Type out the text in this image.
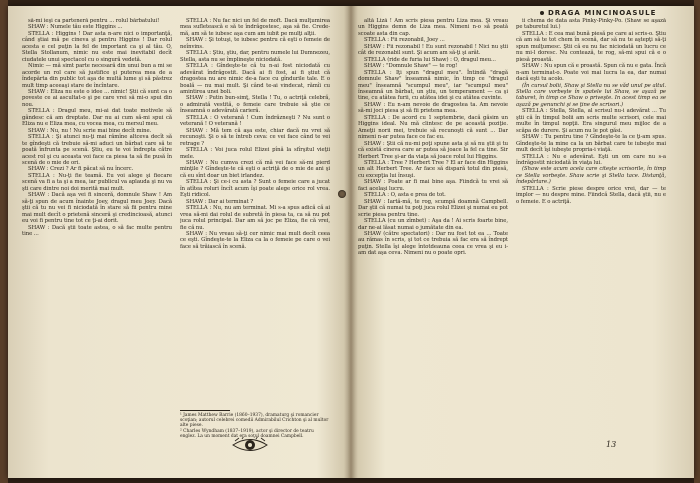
DRAGA MINCINOASULE

să-mi ieşi ca parteneră pentru ... rolul bărbatului!

SHAW : Numele tău este Higgins ...

STELLA : Higgins ! Dar asta n-are nici o importanţă, când ştiai mă pe cineva şi pentru Higgins ! Dar rolul acesta e cel puţin la fel de important ca şi al tău. O, Stella Stollanum, nimic nu este mai inevitabil decît ciudatele unui spectacol cu o singură vedetă.

Nimic — mă simt parte necesară din unui bun a mi se acorde un rol care să justifice şi puterea mea de a îndepărta din public tot aşa de multă lume şi să păstrez mult timp aceeaşi stare de încîntare.

SHAW : Eliza nu este o idee ... nimic! Ştii că sunt ca o poveste ce ai ascultat-o şi pe care vrei să mi-o spui din nou.

STELLA : Dragul meu, mi-ai dat toate motivele să gândesc că am dreptate. Dar nu ai cum să-mi spui că Eliza nu e Eliza mea, cu vocea mea, cu mersul meu.

SHAW : Nu, nu ! Nu scrie mai bine decît mine.

STELLA : Şi atunci nu-ţi mai rămîne altceva decît să te gîndeşti că trebuie să-mi aduci un bărbat care să te poată înfrunta pe scenă. Ştiu, eu te voi îndrepta către acest rol şi cu aceasta voi face ca piesa ta să fie pusă în scenă de o mie de ori.

SHAW : Crezi ? Ar fi păcat să nu încerc.

STELLA : Nu-ţi fie teamă. Eu voi alege şi fiecare scenă va fi a ta şi a mea, iar publicul va aplauda şi nu va şti care dintre noi doi merită mai mult.

SHAW : Dacă aşa vei fi sinceră, domnule Shaw ! Am să-ţi spun de acum înainte Joey, dragul meu Joey. Dacă ştii că tu nu vei fi niciodată în stare să fii pentru mine mai mult decît o prietenă sinceră şi credincioasă, atunci eu voi fi pentru tine tot ce ţi-ai dorit.

SHAW : Dacă ştii toate astea, o să fac multe pentru tine ...

STELLA : Nu fac nici un fel de moft. Dacă mulţumirea mea sufletească e să te îndrăgostesc, aşa să fie. Crede-mă, am să te iubesc aşa cum am iubit pe mulţi alţii.

SHAW : Şi totuşi, te iubesc pentru că eşti o femeie de neînvins.

STELLA : Ştiu, ştiu, dar, pentru numele lui Dumnezeu, Stella, asta nu se împlineşte niciodată.

STELLA : Gîndeşte-te că tu n-ai fost niciodată cu adevărat îndrăgostit. Dacă ai fi fost, ai fi ştiut că dragostea nu are nimic de-a face cu gîndurile tale. E o boală — nu mai mult. Şi când te-ai vindecat, rămîi cu amintirea unei boli.

SHAW : Putin bun-simţ, Stella ! Tu, o actriţă celebră, o admirată vestită, o femeie care trebuie să ştie ce înseamnă o adevărată carieră.

STELLA : O veteranǎ ! Cum îndrăzneşti ? Nu sunt o veterană ! O veterană !

SHAW : Mă tem că aşa este, chiar dacă nu vrei să recunoşti. Şi o să te întreb ceva: ce vei face când te vei retrage ?

STELLA : Voi juca rolul Elizei pînă la sfîrşitul vieţii mele.

SHAW : Nu cumva crezi că mă vei face să-mi pierd minţile ? Gîndeşte-te că eşti o actriţă de o mie de ani şi că eu sînt doar un biet irlandez.

STELLA : Şi ce-i cu asta ? Sunt o femeie care a jucat în atîtea roluri încît acum îşi poate alege orice rol vrea. Eşti ridicol.

SHAW : Dar ai terminat ?

STELLA : Nu, nu am terminat. Mi s-a spus adică că ai vrea să-mi dai rolul de subretă în piesa ta, ca să nu pot juca rolul principal. Dar am să joc pe Eliza, fie că vrei, fie că nu.

SHAW : Nu vreau să-ţi cer nimic mai mult decît ceea ce eşti. Gîndeşte-te la Eliza ca la o femeie pe care o vei face să trăiască în scenă.

altă Liză ! Am scris piesa pentru Liza mea. Şi vreau un Higgins demn de Liza mea. Nimeni n-o să poată scoate asta din cap.

STELLA : Fii rezonabil, Joey ...

SHAW : Fii rezonabil ! Eu sunt rezonabil ! Nici nu ştii cât de rezonabil sunt. Şi acum am să-ţi şi arăt.

STELLA (ride de furia lui Shaw) : O, dragul meu...

SHAW : "Domnule Shaw" — te rog!

STELLA : Iţi spun "dragul meu". Întindă "dragă domnule Shaw" înseamnă nimic, în timp ce "dragul meu" înseamnă "scumpul meu", iar "scumpul meu" înseamnă un bărbat, un ştiu, un temperament — ca şi tine, cu atâtea furii, cu atâtea idei şi cu atâtea cuvinte.

SHAW : Eu n-am nevoie de dragostea ta. Am nevoie să-mi joci piesa şi să fii prietena mea.

STELLA : De acord cu 1 septembrie, dacă găsim un Higgins ideal. Nu mă clintesc de pe această poziţie. Ameţii norii mei, trebuie să recunoşti că sunt ... Dar nimeni n-ar putea face ce fac eu.

SHAW : Ştii că nu-mi poţi spune asta şi să nu ştii şi tu că există cineva care ar putea să joace la fel ca tine. Sir Herbert Tree şi-ar da viaţa să joace rolul lui Higgins.

STELLA : Tree ? Herbert Tree ? El ar face din Higgins un alt Herbert Tree. Ar face să dispară totul din piesă, cu excepţia lui însuşi.

SHAW : Poate ar fi mai bine aşa. Fiindcă tu vrei să faci acelaşi lucru.

STELLA : O, asta e prea de tot.

SHAW : Iartă-mă, te rog, scumpă doamnă Campbell. Dar ştii că numai tu poţi juca rolul Elizei şi numai eu pot scrie piesa pentru tine.

STELLA (cu un zîmbet) : Aşa da ! Ai scris foarte bine, dar ne-ai lăsat numai o jumătate din ea.

SHAW (către spectatori) : Dar nu fost tot ea ... Toate au rămas în scris, şi tot ce trebuia să fac era să îndrept puţin. Stella îşi alege întotdeauna ceea ce vrea şi eu i-am dat aşa ceva. Nimeni nu o poate opri.

ii chema de data asta Pinky-Pinky-Po. (Shaw se aşază pe taburetul lui.)

STELLA : E cea mai bună piesă pe care ai scris-o. Ştiu că am să te tot chem în scenă, dar să nu te aştepţi să-ţi spun mulţumesc. Ştii că eu nu fac niciodată un lucru ce nu mi-l doresc. Nu contează, te rog, să-mi spui că e o piesă proastă.

SHAW : Nu spun că e proastă. Spun că nu e gata. Încă n-am terminat-o. Poate voi mai lucra la ea, dar numai dacă eşti tu acolo.

(În cursul bolii, Shaw şi Stella nu se văd unul pe altul. Stella care vorbeşte în spatele lui Shaw, se aşază pe taburet, în timp ce Shaw o priveşte. In acest timp ea se aşază pe genunchi şi se ţine de scrisori.)

STELLA : Stella, Stella, al scrisul nu-i adevărat ... Tu ştii că în timpul bolii am scris multe scrisori, cele mai multe în timpul nopţii. Era singurul meu mijloc de a scăpa de durere. Şi acum nu le pot găsi.

SHAW : Tu pentru tine ? Gîndeşte-te la ce ţi-am spus. Gîndeşte-te la mine ca la un bărbat care te iubeşte mai mult decît îşi iubeşte propria-i viaţă.

STELLA : Nu e adevărat. Eşti un om care nu s-a îndrăgostit niciodată în viaţa lui.

(Shaw este acum acela care citeşte scrisorile, în timp ce Stella vorbeşte. Shaw scrie şi Stella tace. Distanţă, îndepărtare.)

STELLA : Scrie piese despre orice vrei, dar — te implor — nu despre mine. Fiindcă Stella, dacă ştii, nu e o femeie. E o actriţă.

¹ James Matthew Barrie (1860–1937), dramaturg şi romancier scoţian; autorul celebrei comedii Admirabilul Crichton şi al multor alte piese.
² Charles Wyndham (1837–1919), actor şi director de teatru englez. La un moment dat era soţul doamnei Campbell.
13
